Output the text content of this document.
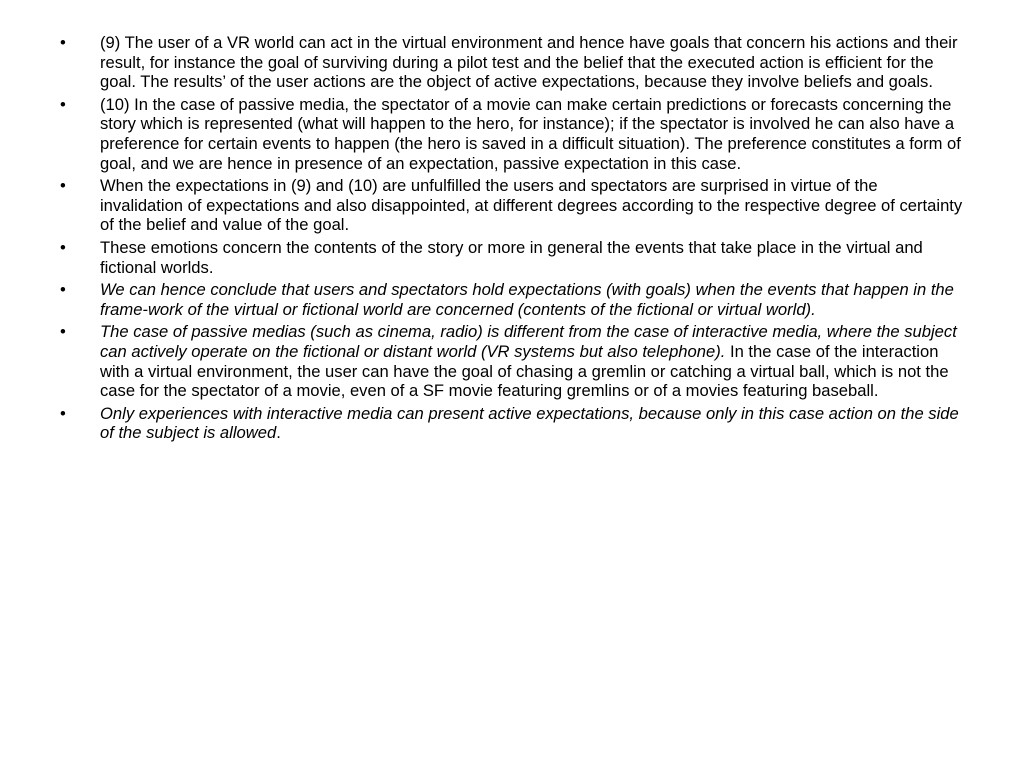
• (9) The user of a VR world can act in the virtual environment and hence have goals that concern his actions and their result, for instance the goal of surviving during a pilot test and the belief that the executed action is efficient for the goal. The results’ of the user actions are the object of active expectations, because they involve beliefs and goals.
• (10) In the case of passive media, the spectator of a movie can make certain predictions or forecasts concerning the story which is represented (what will happen to the hero, for instance); if the spectator is involved he can also have a preference for certain events to happen (the hero is saved in a difficult situation). The preference constitutes a form of goal, and we are hence in presence of an expectation, passive expectation in this case.
• When the expectations in (9) and (10) are unfulfilled the users and spectators are surprised in virtue of the invalidation of expectations and also disappointed, at different degrees according to the respective degree of certainty of the belief and value of the goal.
• These emotions concern the contents of the story or more in general the events that take place in the virtual and fictional worlds.
• We can hence conclude that users and spectators hold expectations (with goals) when the events that happen in the frame-work of the virtual or fictional world are concerned (contents of the fictional or virtual world).
• The case of passive medias (such as cinema, radio) is different from the case of interactive media, where the subject can actively operate on the fictional or distant world (VR systems but also telephone). In the case of the interaction with a virtual environment, the user can have the goal of chasing a gremlin or catching a virtual ball, which is not the case for the spectator of a movie, even of a SF movie featuring gremlins or of a movies featuring baseball.
• Only experiences with interactive media can present active expectations, because only in this case action on the side of the subject is allowed.
